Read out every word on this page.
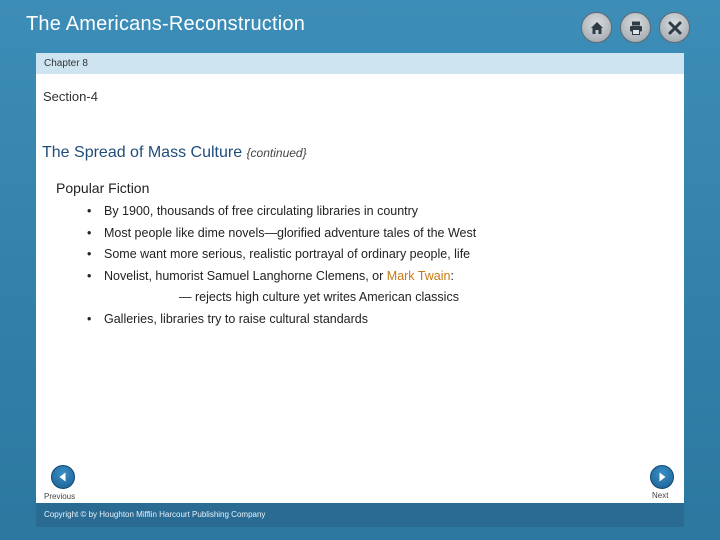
The Americans-Reconstruction
Chapter 8
Section-4
The Spread of Mass Culture {continued}
Popular Fiction
• By 1900, thousands of free circulating libraries in country
• Most people like dime novels—glorified adventure tales of the West
• Some want more serious, realistic portrayal of ordinary people, life
• Novelist, humorist Samuel Langhorne Clemens, or Mark Twain:
— rejects high culture yet writes American classics
• Galleries, libraries try to raise cultural standards
Previous	Next
Copyright © by Houghton Mifflin Harcourt Publishing Company
